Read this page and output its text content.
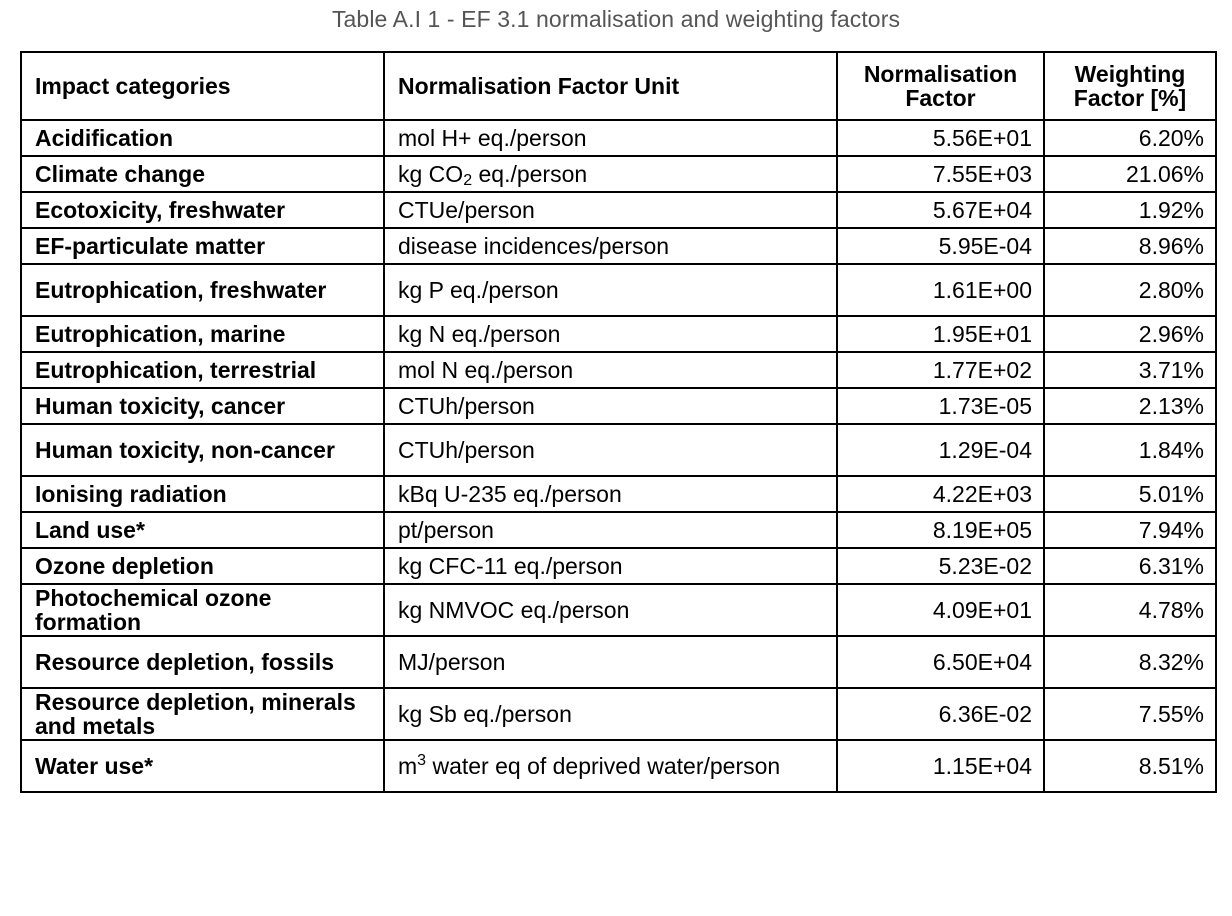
Table A.I 1 - EF 3.1 normalisation and weighting factors
Impact categories	Normalisation Factor Unit	Normalisation Factor	Weighting Factor [%]
Acidification	mol H+ eq./person	5.56E+01	6.20%
Climate change	kg $CO_2$ eq./person	7.55E+03	21.06%
Ecotoxicity, freshwater	CTUe/person	5.67E+04	1.92%
EF-particulate matter	disease incidences/person	5.95E-04	8.96%
Eutrophication, freshwater	kg P eq./person	1.61E+00	2.80%
Eutrophication, marine	kg N eq./person	1.95E+01	2.96%
Eutrophication, terrestrial	mol N eq./person	1.77E+02	3.71%
Human toxicity, cancer	CTUh/person	1.73E-05	2.13%
Human toxicity, non-cancer	CTUh/person	1.29E-04	1.84%
Ionising radiation	kBq U-235 eq./person	4.22E+03	5.01%
Land use*	pt/person	8.19E+05	7.94%
Ozone depletion	kg CFC-11 eq./person	5.23E-02	6.31%
Photochemical ozone formation	kg NMVOC eq./person	4.09E+01	4.78%
Resource depletion, fossils	MJ/person	6.50E+04	8.32%
Resource depletion, minerals and metals	kg Sb eq./person	6.36E-02	7.55%
Water use*	$m^3$ water eq of deprived water/person	1.15E+04	8.51%
